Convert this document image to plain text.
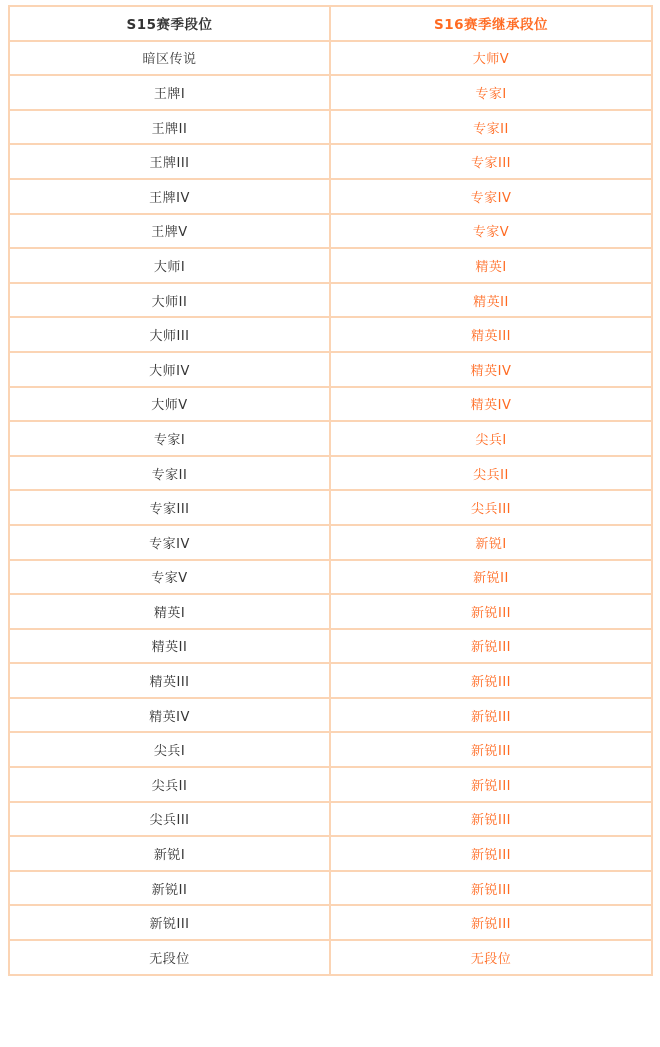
S15赛季段位	S16赛季继承段位
暗区传说	大师V
王牌I	专家I
王牌II	专家II
王牌III	专家III
王牌IV	专家IV
王牌V	专家V
大师I	精英I
大师II	精英II
大师III	精英III
大师IV	精英IV
大师V	精英IV
专家I	尖兵I
专家II	尖兵II
专家III	尖兵III
专家IV	新锐I
专家V	新锐II
精英I	新锐III
精英II	新锐III
精英III	新锐III
精英IV	新锐III
尖兵I	新锐III
尖兵II	新锐III
尖兵III	新锐III
新锐I	新锐III
新锐II	新锐III
新锐III	新锐III
无段位	无段位
